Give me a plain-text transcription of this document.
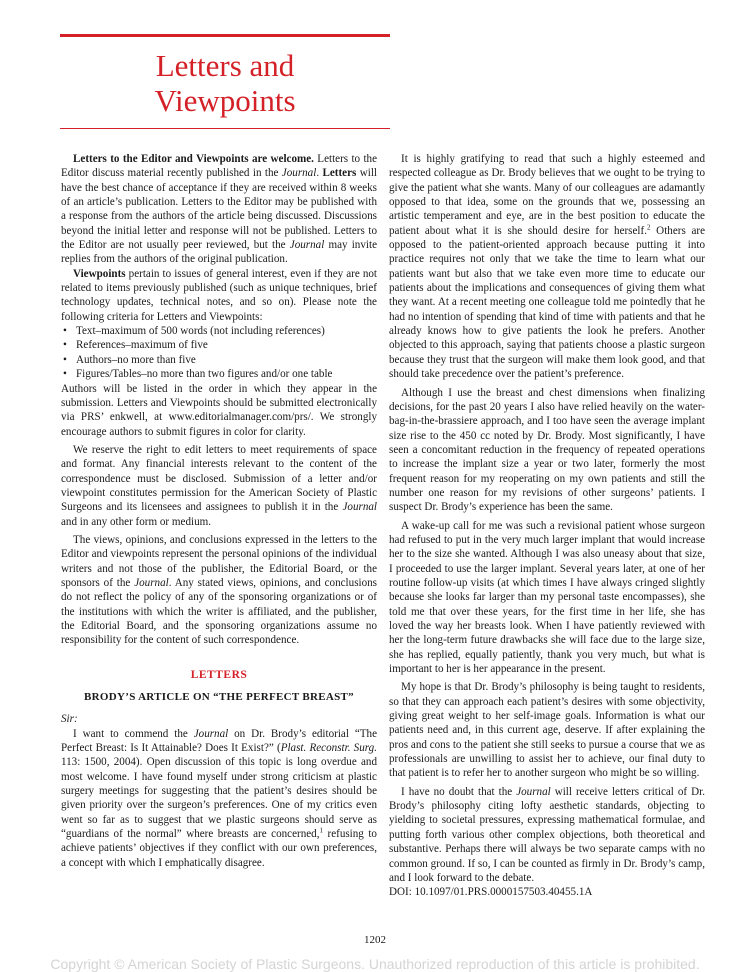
Letters and
Viewpoints

Letters to the Editor and Viewpoints are welcome. Letters to the Editor discuss material recently published in the Journal. Letters will have the best chance of acceptance if they are received within 8 weeks of an article’s publication. Letters to the Editor may be published with a response from the authors of the article being discussed. Discussions beyond the initial letter and response will not be published. Letters to the Editor are not usually peer reviewed, but the Journal may invite replies from the authors of the original publication.

Viewpoints pertain to issues of general interest, even if they are not related to items previously published (such as unique techniques, brief technology updates, technical notes, and so on). Please note the following criteria for Letters and Viewpoints:

• Text–maximum of 500 words (not including references)
• References–maximum of five
• Authors–no more than five
• Figures/Tables–no more than two figures and/or one table

Authors will be listed in the order in which they appear in the submission. Letters and Viewpoints should be submitted electronically via PRS’ enkwell, at www.editorialmanager.com/prs/. We strongly encourage authors to submit figures in color for clarity.

We reserve the right to edit letters to meet requirements of space and format. Any financial interests relevant to the content of the correspondence must be disclosed. Submission of a letter and/or viewpoint constitutes permission for the American Society of Plastic Surgeons and its licensees and assignees to publish it in the Journal and in any other form or medium.

The views, opinions, and conclusions expressed in the letters to the Editor and viewpoints represent the personal opinions of the individual writers and not those of the publisher, the Editorial Board, or the sponsors of the Journal. Any stated views, opinions, and conclusions do not reflect the policy of any of the sponsoring organizations or of the institutions with which the writer is affiliated, and the publisher, the Editorial Board, and the sponsoring organizations assume no responsibility for the content of such correspondence.

LETTERS
BRODY’S ARTICLE ON “THE PERFECT BREAST”

Sir:

I want to commend the Journal on Dr. Brody’s editorial “The Perfect Breast: Is It Attainable? Does It Exist?” (Plast. Reconstr. Surg. 113: 1500, 2004). Open discussion of this topic is long overdue and most welcome. I have found myself under strong criticism at plastic surgery meetings for suggesting that the patient’s desires should be given priority over the surgeon’s preferences. One of my critics even went so far as to suggest that we plastic surgeons should serve as “guardians of the normal” where breasts are concerned,$^1$ refusing to achieve patients’ objectives if they conflict with our own preferences, a concept with which I emphatically disagree.

It is highly gratifying to read that such a highly esteemed and respected colleague as Dr. Brody believes that we ought to be trying to give the patient what she wants. Many of our colleagues are adamantly opposed to that idea, some on the grounds that we, possessing an artistic temperament and eye, are in the best position to educate the patient about what it is she should desire for herself.$^2$ Others are opposed to the patient-oriented approach because putting it into practice requires not only that we take the time to learn what our patients want but also that we take even more time to educate our patients about the implications and consequences of giving them what they want. At a recent meeting one colleague told me pointedly that he had no intention of spending that kind of time with patients and that he already knows how to give patients the look he prefers. Another objected to this approach, saying that patients choose a plastic surgeon because they trust that the surgeon will make them look good, and that should take precedence over the patient’s preference.

Although I use the breast and chest dimensions when finalizing decisions, for the past 20 years I also have relied heavily on the water-bag-in-the-brassiere approach, and I too have seen the average implant size rise to the 450 cc noted by Dr. Brody. Most significantly, I have seen a concomitant reduction in the frequency of repeated operations to increase the implant size a year or two later, formerly the most frequent reason for my reoperating on my own patients and still the number one reason for my revisions of other surgeons’ patients. I suspect Dr. Brody’s experience has been the same.

A wake-up call for me was such a revisional patient whose surgeon had refused to put in the very much larger implant that would increase her to the size she wanted. Although I was also uneasy about that size, I proceeded to use the larger implant. Several years later, at one of her routine follow-up visits (at which times I have always cringed slightly because she looks far larger than my personal taste encompasses), she told me that over these years, for the first time in her life, she has loved the way her breasts look. When I have patiently reviewed with her the long-term future drawbacks she will face due to the large size, she has replied, equally patiently, thank you very much, but what is important to her is her appearance in the present.

My hope is that Dr. Brody’s philosophy is being taught to residents, so that they can approach each patient’s desires with some objectivity, giving great weight to her self-image goals. Information is what our patients need and, in this current age, deserve. If after explaining the pros and cons to the patient she still seeks to pursue a course that we as professionals are unwilling to assist her to achieve, our final duty to that patient is to refer her to another surgeon who might be so willing.

I have no doubt that the Journal will receive letters critical of Dr. Brody’s philosophy citing lofty aesthetic standards, objecting to yielding to societal pressures, expressing mathematical formulae, and putting forth various other complex objections, both theoretical and substantive. Perhaps there will always be two separate camps with no common ground. If so, I can be counted as firmly in Dr. Brody’s camp, and I look forward to the debate.

DOI: 10.1097/01.PRS.0000157503.40455.1A

1202
Copyright © American Society of Plastic Surgeons. Unauthorized reproduction of this article is prohibited.
